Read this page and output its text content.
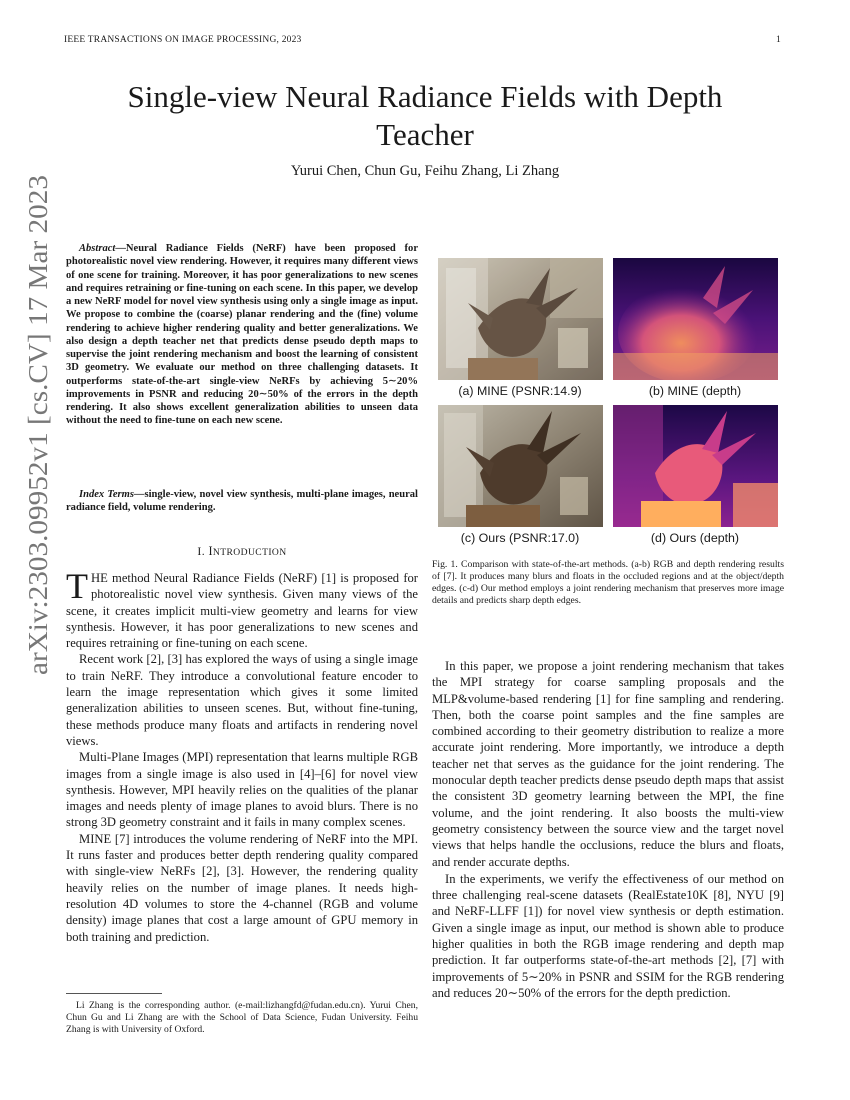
IEEE TRANSACTIONS ON IMAGE PROCESSING, 2023	1
arXiv:2303.09952v1 [cs.CV] 17 Mar 2023
Single-view Neural Radiance Fields with Depth
Teacher
Yurui Chen, Chun Gu, Feihu Zhang, Li Zhang

Abstract—Neural Radiance Fields (NeRF) have been proposed for photorealistic novel view rendering. However, it requires many different views of one scene for training. Moreover, it has poor generalizations to new scenes and requires retraining or fine-tuning on each scene. In this paper, we develop a new NeRF model for novel view synthesis using only a single image as input. We propose to combine the (coarse) planar rendering and the (fine) volume rendering to achieve higher rendering quality and better generalizations. We also design a depth teacher net that predicts dense pseudo depth maps to supervise the joint rendering mechanism and boost the learning of consistent 3D geometry. We evaluate our method on three challenging datasets. It outperforms state-of-the-art single-view NeRFs by achieving 5∼20% improvements in PSNR and reducing 20∼50% of the errors in the depth rendering. It also shows excellent generalization abilities to unseen data without the need to fine-tune on each new scene.

Index Terms—single-view, novel view synthesis, multi-plane images, neural radiance field, volume rendering.

I. INTRODUCTION

THE method Neural Radiance Fields (NeRF) [1] is proposed for photorealistic novel view synthesis. Given many views of the scene, it creates implicit multi-view geometry and learns for view synthesis. However, it has poor generalizations to new scenes and requires retraining or fine-tuning on each scene.

Recent work [2], [3] has explored the ways of using a single image to train NeRF. They introduce a convolutional feature encoder to learn the image representation which gives it some limited generalization abilities to unseen scenes. But, without fine-tuning, these methods produce many floats and artifacts in rendering novel views.

Multi-Plane Images (MPI) representation that learns multiple RGB images from a single image is also used in [4]–[6] for novel view synthesis. However, MPI heavily relies on the qualities of the planar images and needs plenty of image planes to avoid blurs. There is no strong 3D geometry constraint and it fails in many complex scenes.

MINE [7] introduces the volume rendering of NeRF into the MPI. It runs faster and produces better depth rendering quality compared with single-view NeRFs [2], [3]. However, the rendering quality heavily relies on the number of image planes. It needs high-resolution 4D volumes to store the 4-channel (RGB and volume density) image planes that cost a large amount of GPU memory in both training and prediction.

Li Zhang is the corresponding author. (e-mail:lizhangfd@fudan.edu.cn). Yurui Chen, Chun Gu and Li Zhang are with the School of Data Science, Fudan University. Feihu Zhang is with University of Oxford.
(a) MINE (PSNR:14.9)	(b) MINE (depth)
(c) Ours (PSNR:17.0)	(d) Ours (depth)
Fig. 1. Comparison with state-of-the-art methods. (a-b) RGB and depth rendering results of [7]. It produces many blurs and floats in the occluded regions and at the object/depth edges. (c-d) Our method employs a joint rendering mechanism that preserves more image details and predicts sharp depth edges.

In this paper, we propose a joint rendering mechanism that takes the MPI strategy for coarse sampling proposals and the MLP&volume-based rendering [1] for fine sampling and rendering. Then, both the coarse point samples and the fine samples are combined according to their geometry distribution to realize a more accurate joint rendering. More importantly, we introduce a depth teacher net that serves as the guidance for the joint rendering. The monocular depth teacher predicts dense pseudo depth maps that assist the consistent 3D geometry learning between the MPI, the fine volume, and the joint rendering. It also boosts the multi-view geometry consistency between the source view and the target novel views that helps handle the occlusions, reduce the blurs and floats, and render accurate depths.

In the experiments, we verify the effectiveness of our method on three challenging real-scene datasets (RealEstate10K [8], NYU [9] and NeRF-LLFF [1]) for novel view synthesis or depth estimation. Given a single image as input, our method is shown able to produce higher qualities in both the RGB image rendering and depth map prediction. It far outperforms state-of-the-art methods [2], [7] with improvements of 5∼20% in PSNR and SSIM for the RGB rendering and reduces 20∼50% of the errors for the depth prediction.
